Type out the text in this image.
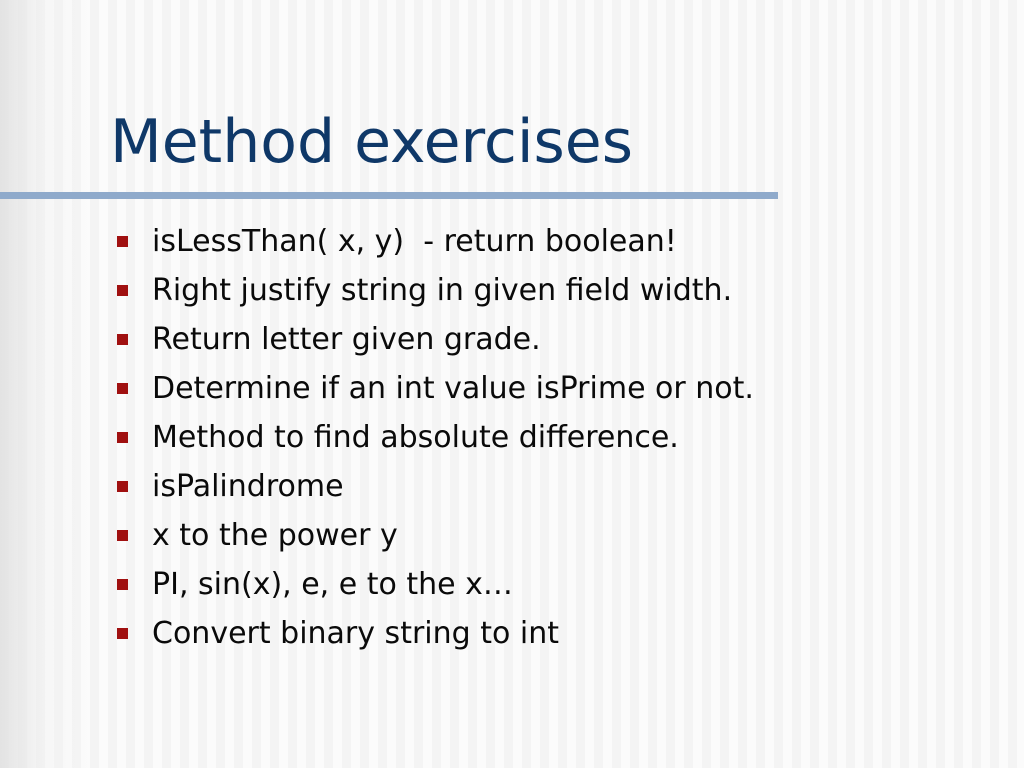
Method exercises
isLessThan( x, y)  - return boolean!
Right justify string in given field width.
Return letter given grade.
Determine if an int value isPrime or not.
Method to find absolute difference.
isPalindrome
x to the power y
PI, sin(x), e, e to the x…
Convert binary string to int
